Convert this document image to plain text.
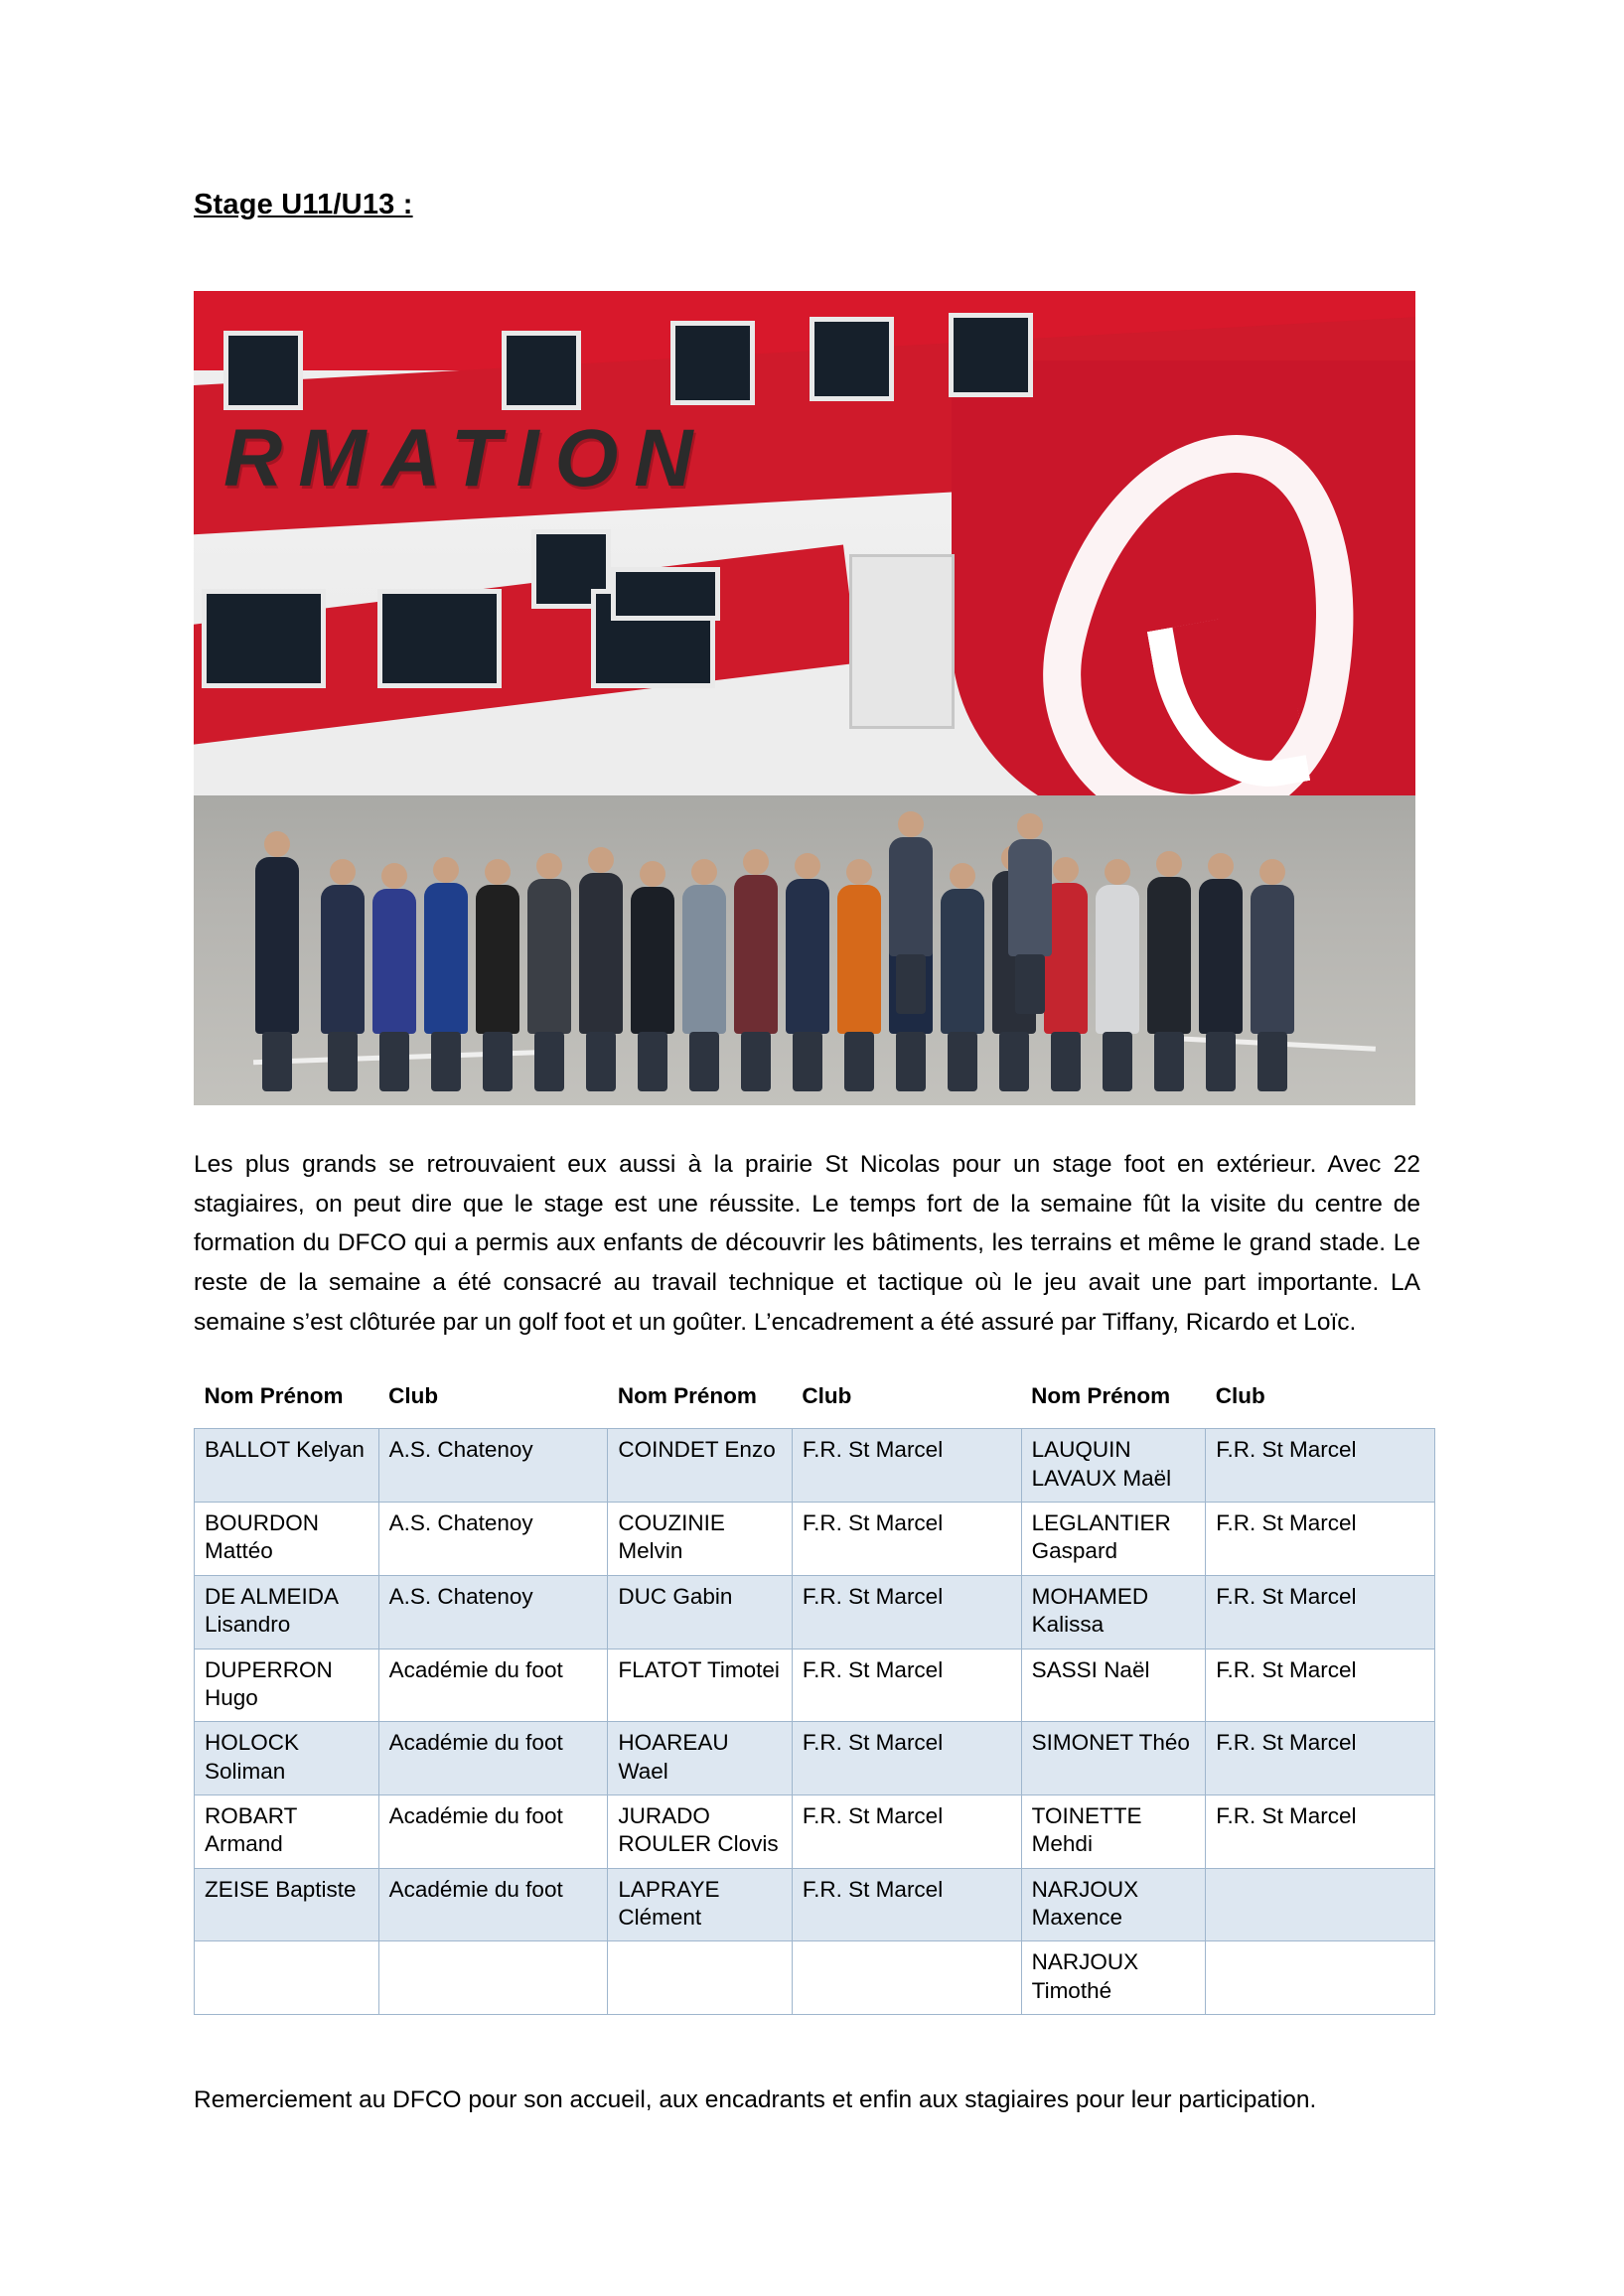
Stage U11/U13 :
RMATION

Les plus grands se retrouvaient eux aussi à la prairie St Nicolas pour un stage foot en extérieur. Avec 22 stagiaires, on peut dire que le stage est une réussite. Le temps fort de la semaine fût la visite du centre de formation du DFCO qui a permis aux enfants de découvrir les bâtiments, les terrains et même le grand stade. Le reste de la semaine a été consacré au travail technique et tactique où le jeu avait une part importante. LA semaine s’est clôturée par un golf foot et un goûter. L’encadrement a été assuré par Tiffany, Ricardo et Loïc.

Nom Prénom	Club	Nom Prénom	Club	Nom Prénom	Club
BALLOT Kelyan	A.S. Chatenoy	COINDET Enzo	F.R. St Marcel	LAUQUIN LAVAUX Maël	F.R. St Marcel
BOURDON Mattéo	A.S. Chatenoy	COUZINIE Melvin	F.R. St Marcel	LEGLANTIER Gaspard	F.R. St Marcel
DE ALMEIDA Lisandro	A.S. Chatenoy	DUC Gabin	F.R. St Marcel	MOHAMED Kalissa	F.R. St Marcel
DUPERRON Hugo	Académie du foot	FLATOT Timotei	F.R. St Marcel	SASSI Naël	F.R. St Marcel
HOLOCK Soliman	Académie du foot	HOAREAU Wael	F.R. St Marcel	SIMONET Théo	F.R. St Marcel
ROBART Armand	Académie du foot	JURADO ROULER Clovis	F.R. St Marcel	TOINETTE Mehdi	F.R. St Marcel
ZEISE Baptiste	Académie du foot	LAPRAYE Clément	F.R. St Marcel	NARJOUX Maxence	
				NARJOUX Timothé	

Remerciement au DFCO pour son accueil, aux encadrants et enfin aux stagiaires pour leur participation.
